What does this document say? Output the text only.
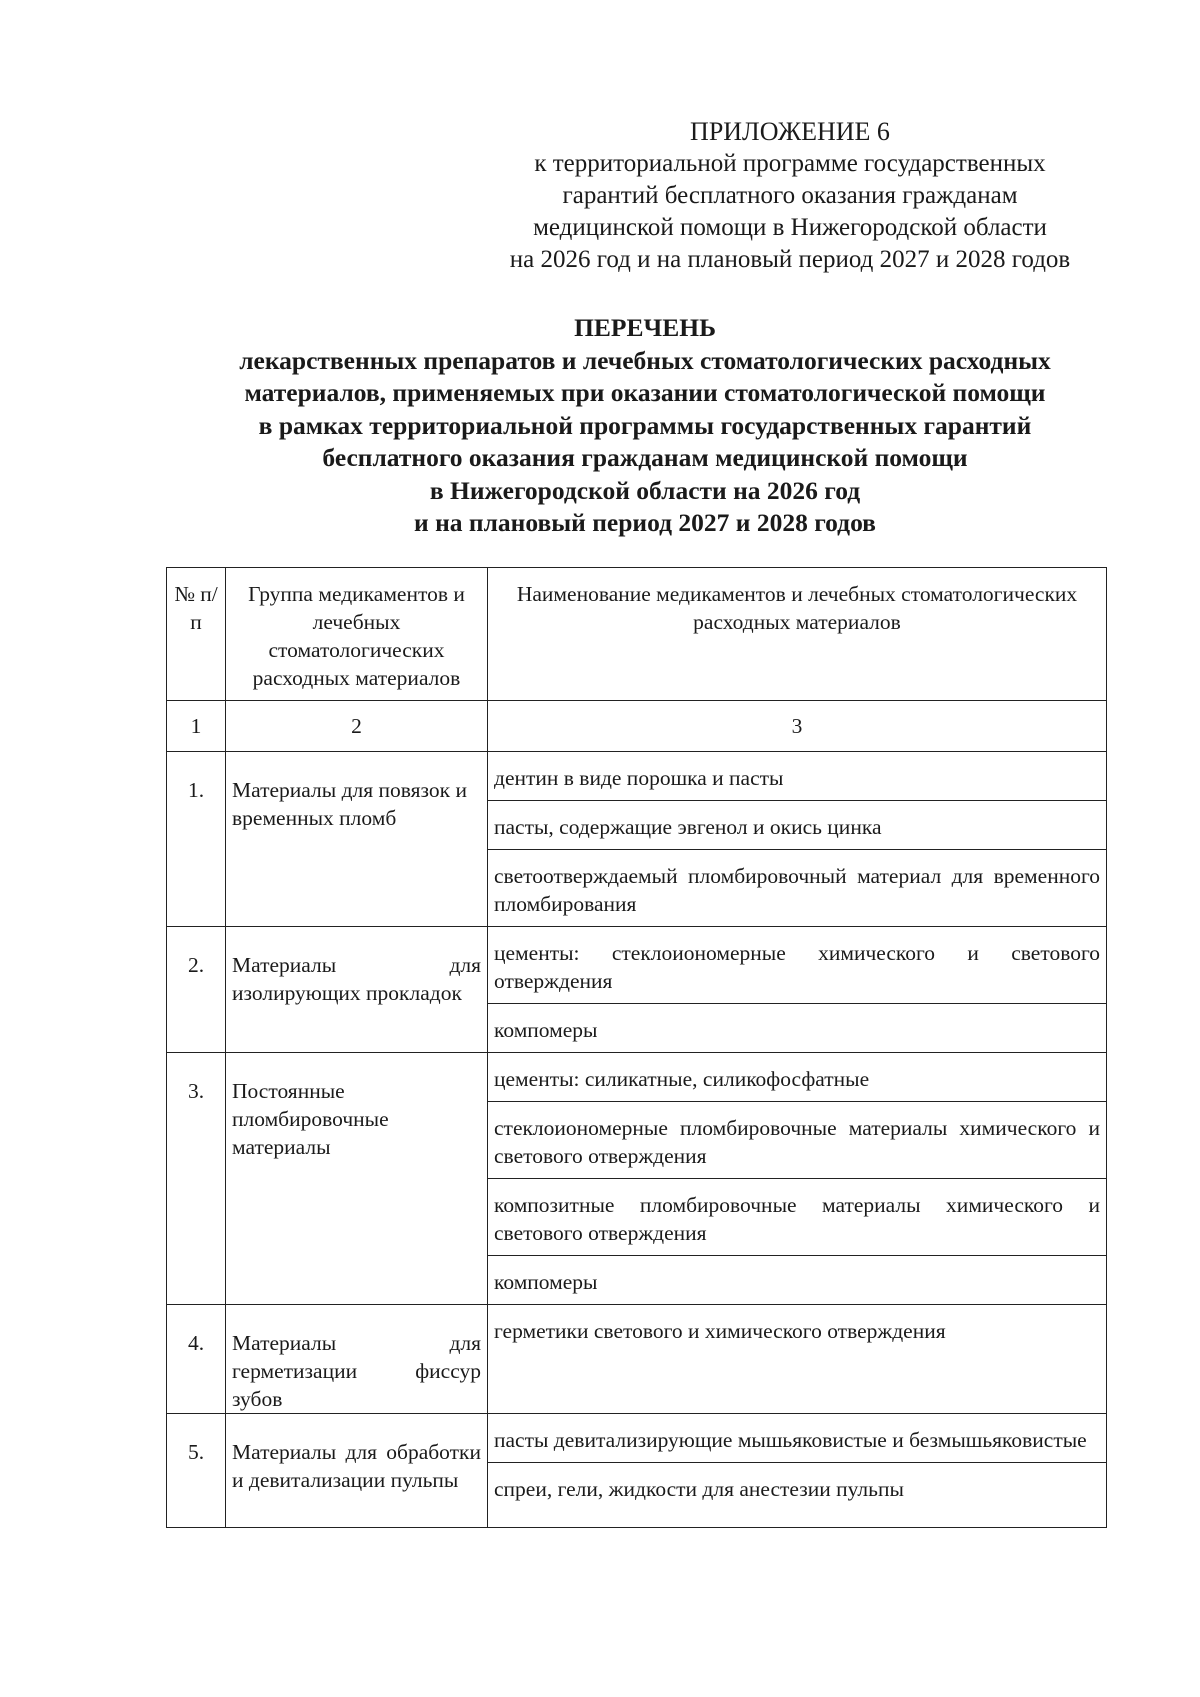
ПРИЛОЖЕНИЕ 6
к территориальной программе государственных
гарантий бесплатного оказания гражданам
медицинской помощи в Нижегородской области
на 2026 год и на плановый период 2027 и 2028 годов
ПЕРЕЧЕНЬ
лекарственных препаратов и лечебных стоматологических расходных
материалов, применяемых при оказании стоматологической помощи
в рамках территориальной программы государственных гарантий
бесплатного оказания гражданам медицинской помощи
в Нижегородской области на 2026 год
и на плановый период 2027 и 2028 годов
№ п/п	Группа медикаментов и лечебных стоматологических расходных материалов	Наименование медикаментов и лечебных стоматологических расходных материалов
1	2	3
1.	Материалы для повязок и временных пломб	дентин в виде порошка и пасты
		пасты, содержащие эвгенол и окись цинка
		светоотверждаемый пломбировочный материал для временного пломбирования
2.	Материалы для изолирующих прокладок	цементы: стеклоиономерные химического и светового отверждения
		компомеры
3.	Постоянные пломбировочные материалы	цементы: силикатные, силикофосфатные
		стеклоиономерные пломбировочные материалы химического и светового отверждения
		композитные пломбировочные материалы химического и светового отверждения
		компомеры
4.	Материалы для герметизации фиссур зубов	герметики светового и химического отверждения
5.	Материалы для обработки и девитализации пульпы	пасты девитализирующие мышьяковистые и безмышьяковистые
		спреи, гели, жидкости для анестезии пульпы
